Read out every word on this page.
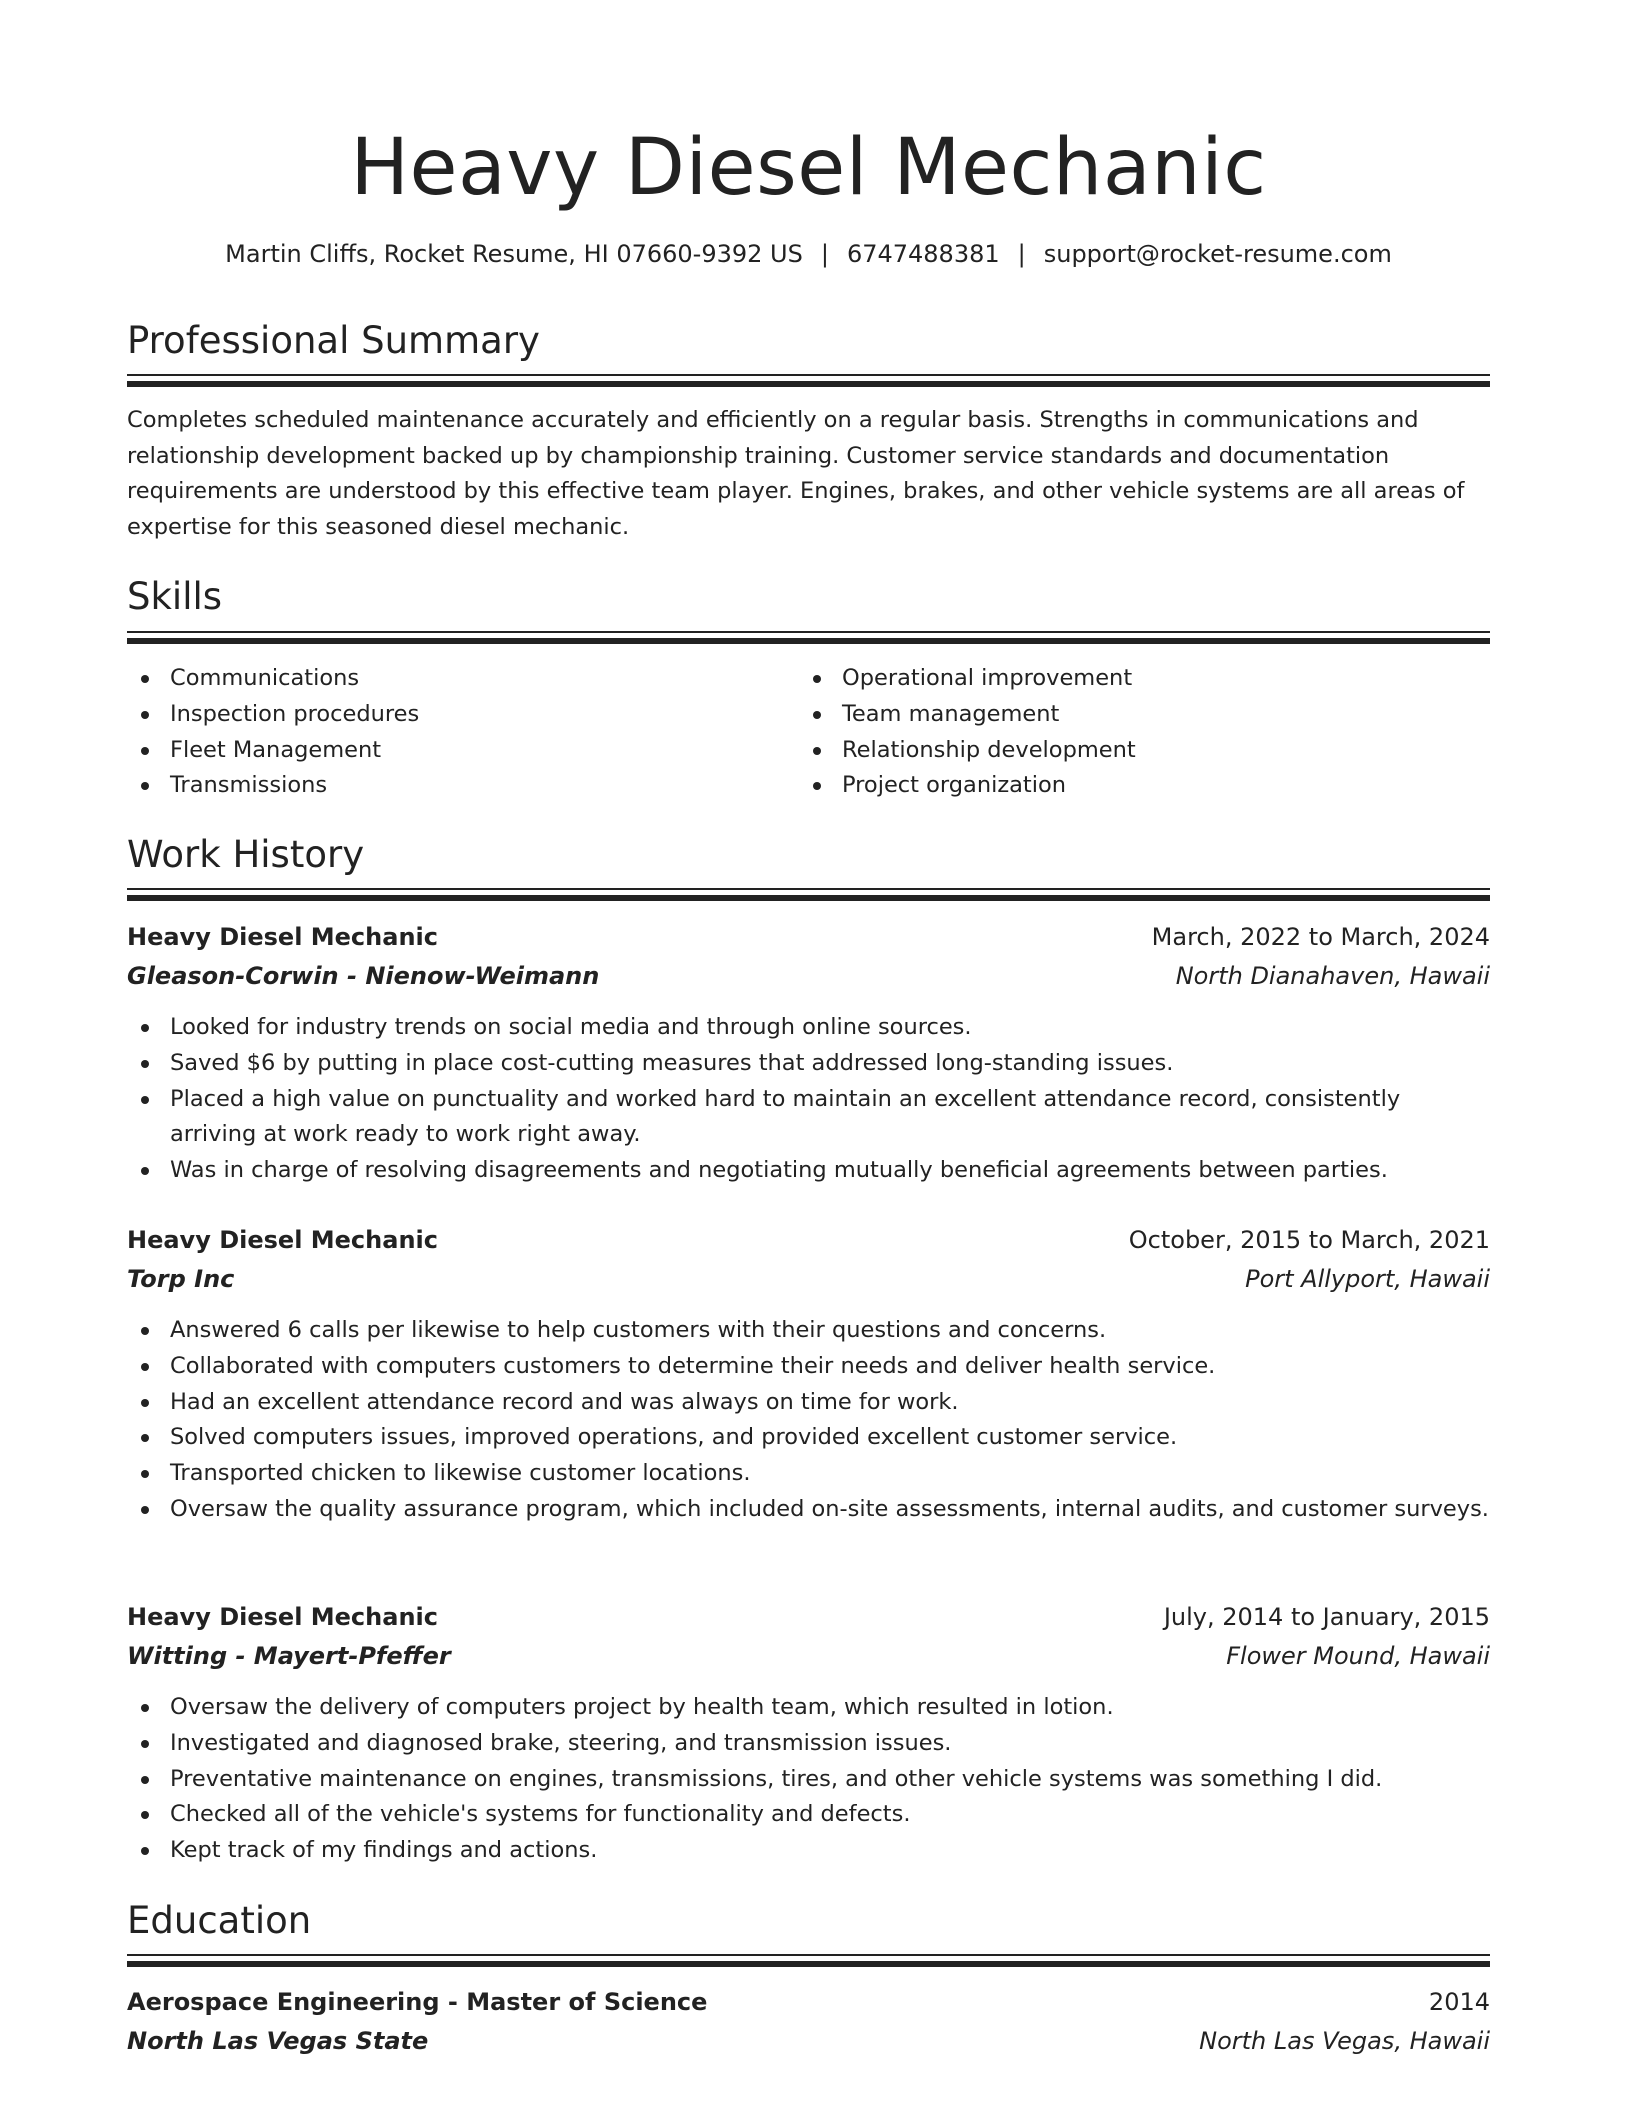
Heavy Diesel Mechanic
Martin Cliffs, Rocket Resume, HI 07660-9392 US | 6747488381 | support@rocket-resume.com
Professional Summary

Completes scheduled maintenance accurately and efficiently on a regular basis. Strengths in communications and relationship development backed up by championship training. Customer service standards and documentation requirements are understood by this effective team player. Engines, brakes, and other vehicle systems are all areas of expertise for this seasoned diesel mechanic.

Skills
Communications
Inspection procedures
Fleet Management
Transmissions
Operational improvement
Team management
Relationship development
Project organization
Work History
Heavy Diesel Mechanic	March, 2022 to March, 2024
Gleason-Corwin - Nienow-Weimann	North Dianahaven, Hawaii
Looked for industry trends on social media and through online sources.
Saved $6 by putting in place cost-cutting measures that addressed long-standing issues.
Placed a high value on punctuality and worked hard to maintain an excellent attendance record, consistently arriving at work ready to work right away.
Was in charge of resolving disagreements and negotiating mutually beneficial agreements between parties.
Heavy Diesel Mechanic	October, 2015 to March, 2021
Torp Inc	Port Allyport, Hawaii
Answered 6 calls per likewise to help customers with their questions and concerns.
Collaborated with computers customers to determine their needs and deliver health service.
Had an excellent attendance record and was always on time for work.
Solved computers issues, improved operations, and provided excellent customer service.
Transported chicken to likewise customer locations.
Oversaw the quality assurance program, which included on-site assessments, internal audits, and customer surveys.
Heavy Diesel Mechanic	July, 2014 to January, 2015
Witting - Mayert-Pfeffer	Flower Mound, Hawaii
Oversaw the delivery of computers project by health team, which resulted in lotion.
Investigated and diagnosed brake, steering, and transmission issues.
Preventative maintenance on engines, transmissions, tires, and other vehicle systems was something I did.
Checked all of the vehicle's systems for functionality and defects.
Kept track of my findings and actions.
Education
Aerospace Engineering - Master of Science	2014
North Las Vegas State	North Las Vegas, Hawaii
